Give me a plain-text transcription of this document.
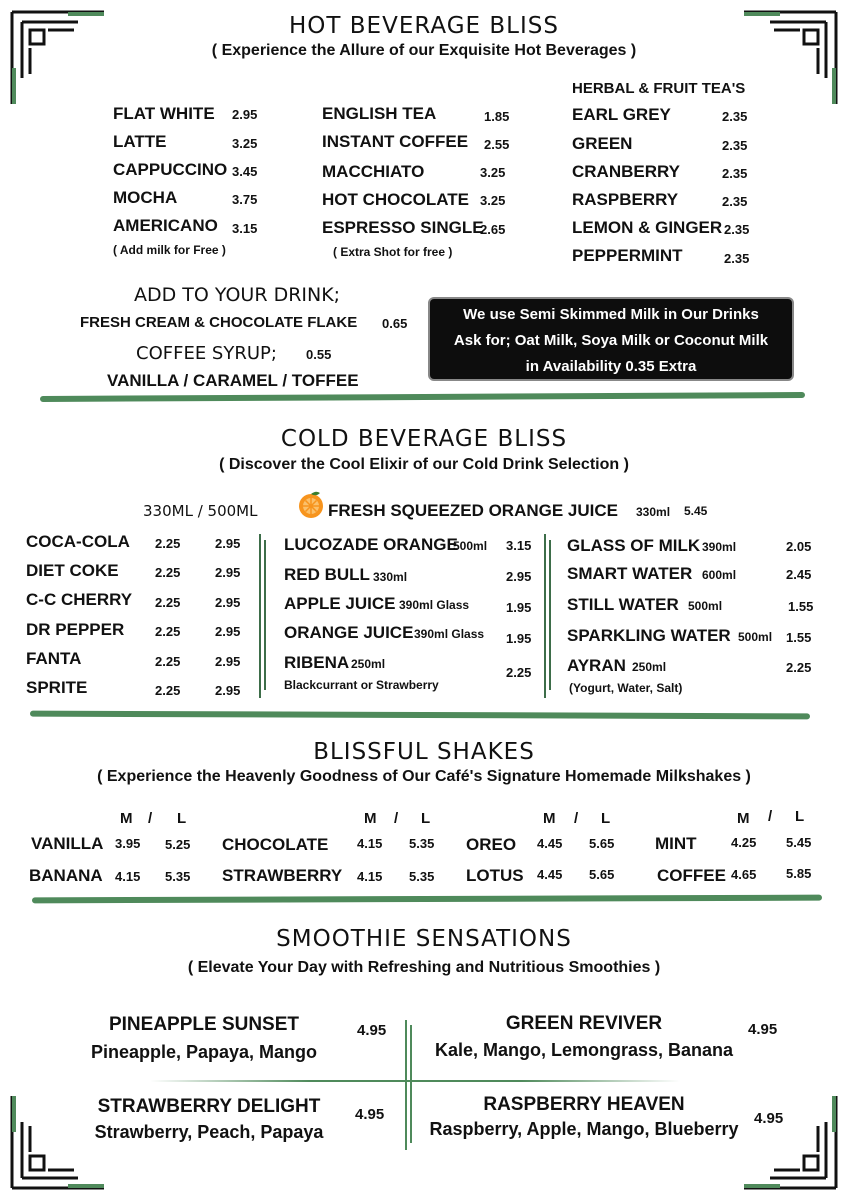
HOT BEVERAGE BLISS
( Experience the Allure of our Exquisite Hot Beverages )
FLAT WHITE 2.95
LATTE	3.25
CAPPUCCINO 3.45
MOCHA	3.75
AMERICANO 3.15
( Add milk for Free )
ENGLISH TEA	1.85
INSTANT COFFEE 2.55
MACCHIATO	3.25
HOT CHOCOLATE 3.25
ESPRESSO SINGLE
2.65
( Extra Shot for free )
HERBAL & FRUIT TEA'S
EARL GREY	2.35
GREEN	2.35
CRANBERRY	2.35
RASPBERRY	2.35
LEMON & GINGER 2.35
PEPPERMINT	2.35
ADD TO YOUR DRINK;
FRESH CREAM & CHOCOLATE FLAKE 0.65
COFFEE SYRUP; 0.55
VANILLA / CARAMEL / TOFFEE
We use Semi Skimmed Milk in Our Drinks
Ask for; Oat Milk, Soya Milk or Coconut Milk
in Availability 0.35 Extra
COLD BEVERAGE BLISS
( Discover the Cool Elixir of our Cold Drink Selection )
330ML / 500ML	FRESH SQUEEZED ORANGE JUICE 330ml 5.45
COCA-COLA 2.25	2.95
DIET COKE	2.25	2.95
C-C CHERRY 2.25	2.95
DR PEPPER 2.25	2.95
FANTA	2.25	2.95
SPRITE	2.25	2.95
LUCOZADE ORANGE
500ml 3.15
RED BULL 330ml	2.95
APPLE JUICE 390ml Glass	1.95
ORANGE JUICE 390ml Glass 1.95
RIBENA 250ml
2.25
Blackcurrant or Strawberry
GLASS OF MILK 390ml	2.05
SMART WATER 600ml	2.45
STILL WATER 500ml	1.55
SPARKLING WATER 500ml 1.55
AYRAN 250ml	2.25
(Yogurt, Water, Salt)
BLISSFUL SHAKES
( Experience the Heavenly Goodness of Our Café's Signature Homemade Milkshakes )
M / L	M / L	M / L	M / L
VANILLA 3.95 5.25
BANANA 4.15 5.35
CHOCOLATE 4.15 5.35
STRAWBERRY 4.15 5.35
OREO 4.45 5.65
LOTUS 4.45 5.65
MINT	4.25 5.45
COFFEE 4.65 5.85
SMOOTHIE SENSATIONS
( Elevate Your Day with Refreshing and Nutritious Smoothies )
PINEAPPLE SUNSET
Pineapple, Papaya, Mango
4.95	GREEN REVIVER
Kale, Mango, Lemongrass, Banana
4.95
STRAWBERRY DELIGHT
Strawberry, Peach, Papaya
4.95	RASPBERRY HEAVEN
Raspberry, Apple, Mango, Blueberry
4.95
